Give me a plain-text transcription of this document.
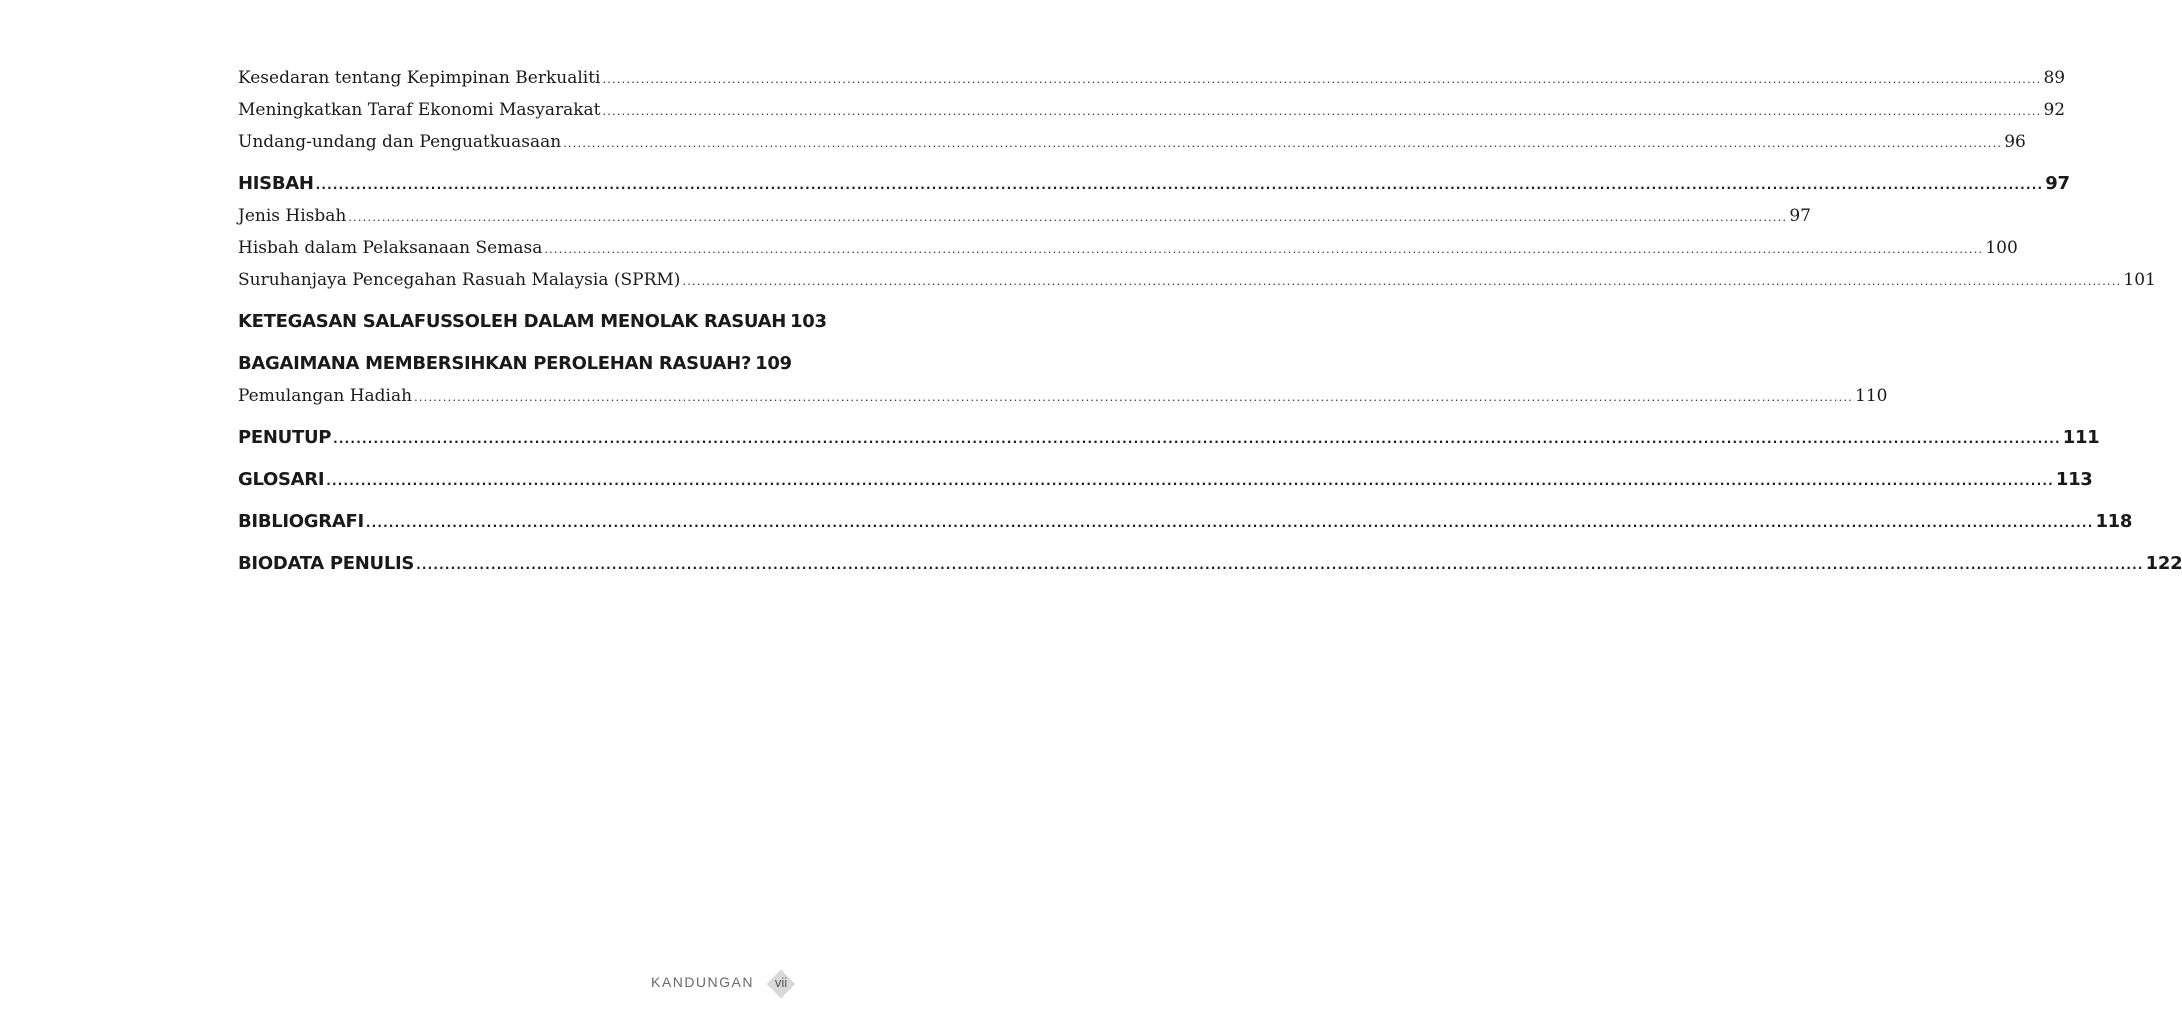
Kesedaran tentang Kepimpinan Berkualiti ............................................................................................................................................................................................................................................................................................................ 89
Meningkatkan Taraf Ekonomi Masyarakat ............................................................................................................................................................................................................................................................................................................ 92
Undang-undang dan Penguatkuasaan ............................................................................................................................................................................................................................................................................................................ 96
HISBAH ............................................................................................................................................................................................................................................................................................................ 97
Jenis Hisbah ............................................................................................................................................................................................................................................................................................................ 97
Hisbah dalam Pelaksanaan Semasa ............................................................................................................................................................................................................................................................................................................ 100
Suruhanjaya Pencegahan Rasuah Malaysia (SPRM) ............................................................................................................................................................................................................................................................................................................ 101
KETEGASAN SALAFUSSOLEH DALAM MENOLAK RASUAH 103
BAGAIMANA MEMBERSIHKAN PEROLEHAN RASUAH? 109
Pemulangan Hadiah ............................................................................................................................................................................................................................................................................................................ 110
PENUTUP ............................................................................................................................................................................................................................................................................................................ 111
GLOSARI ............................................................................................................................................................................................................................................................................................................ 113
BIBLIOGRAFI ............................................................................................................................................................................................................................................................................................................ 118
BIODATA PENULIS ............................................................................................................................................................................................................................................................................................................ 122
KANDUNGAN	vii
